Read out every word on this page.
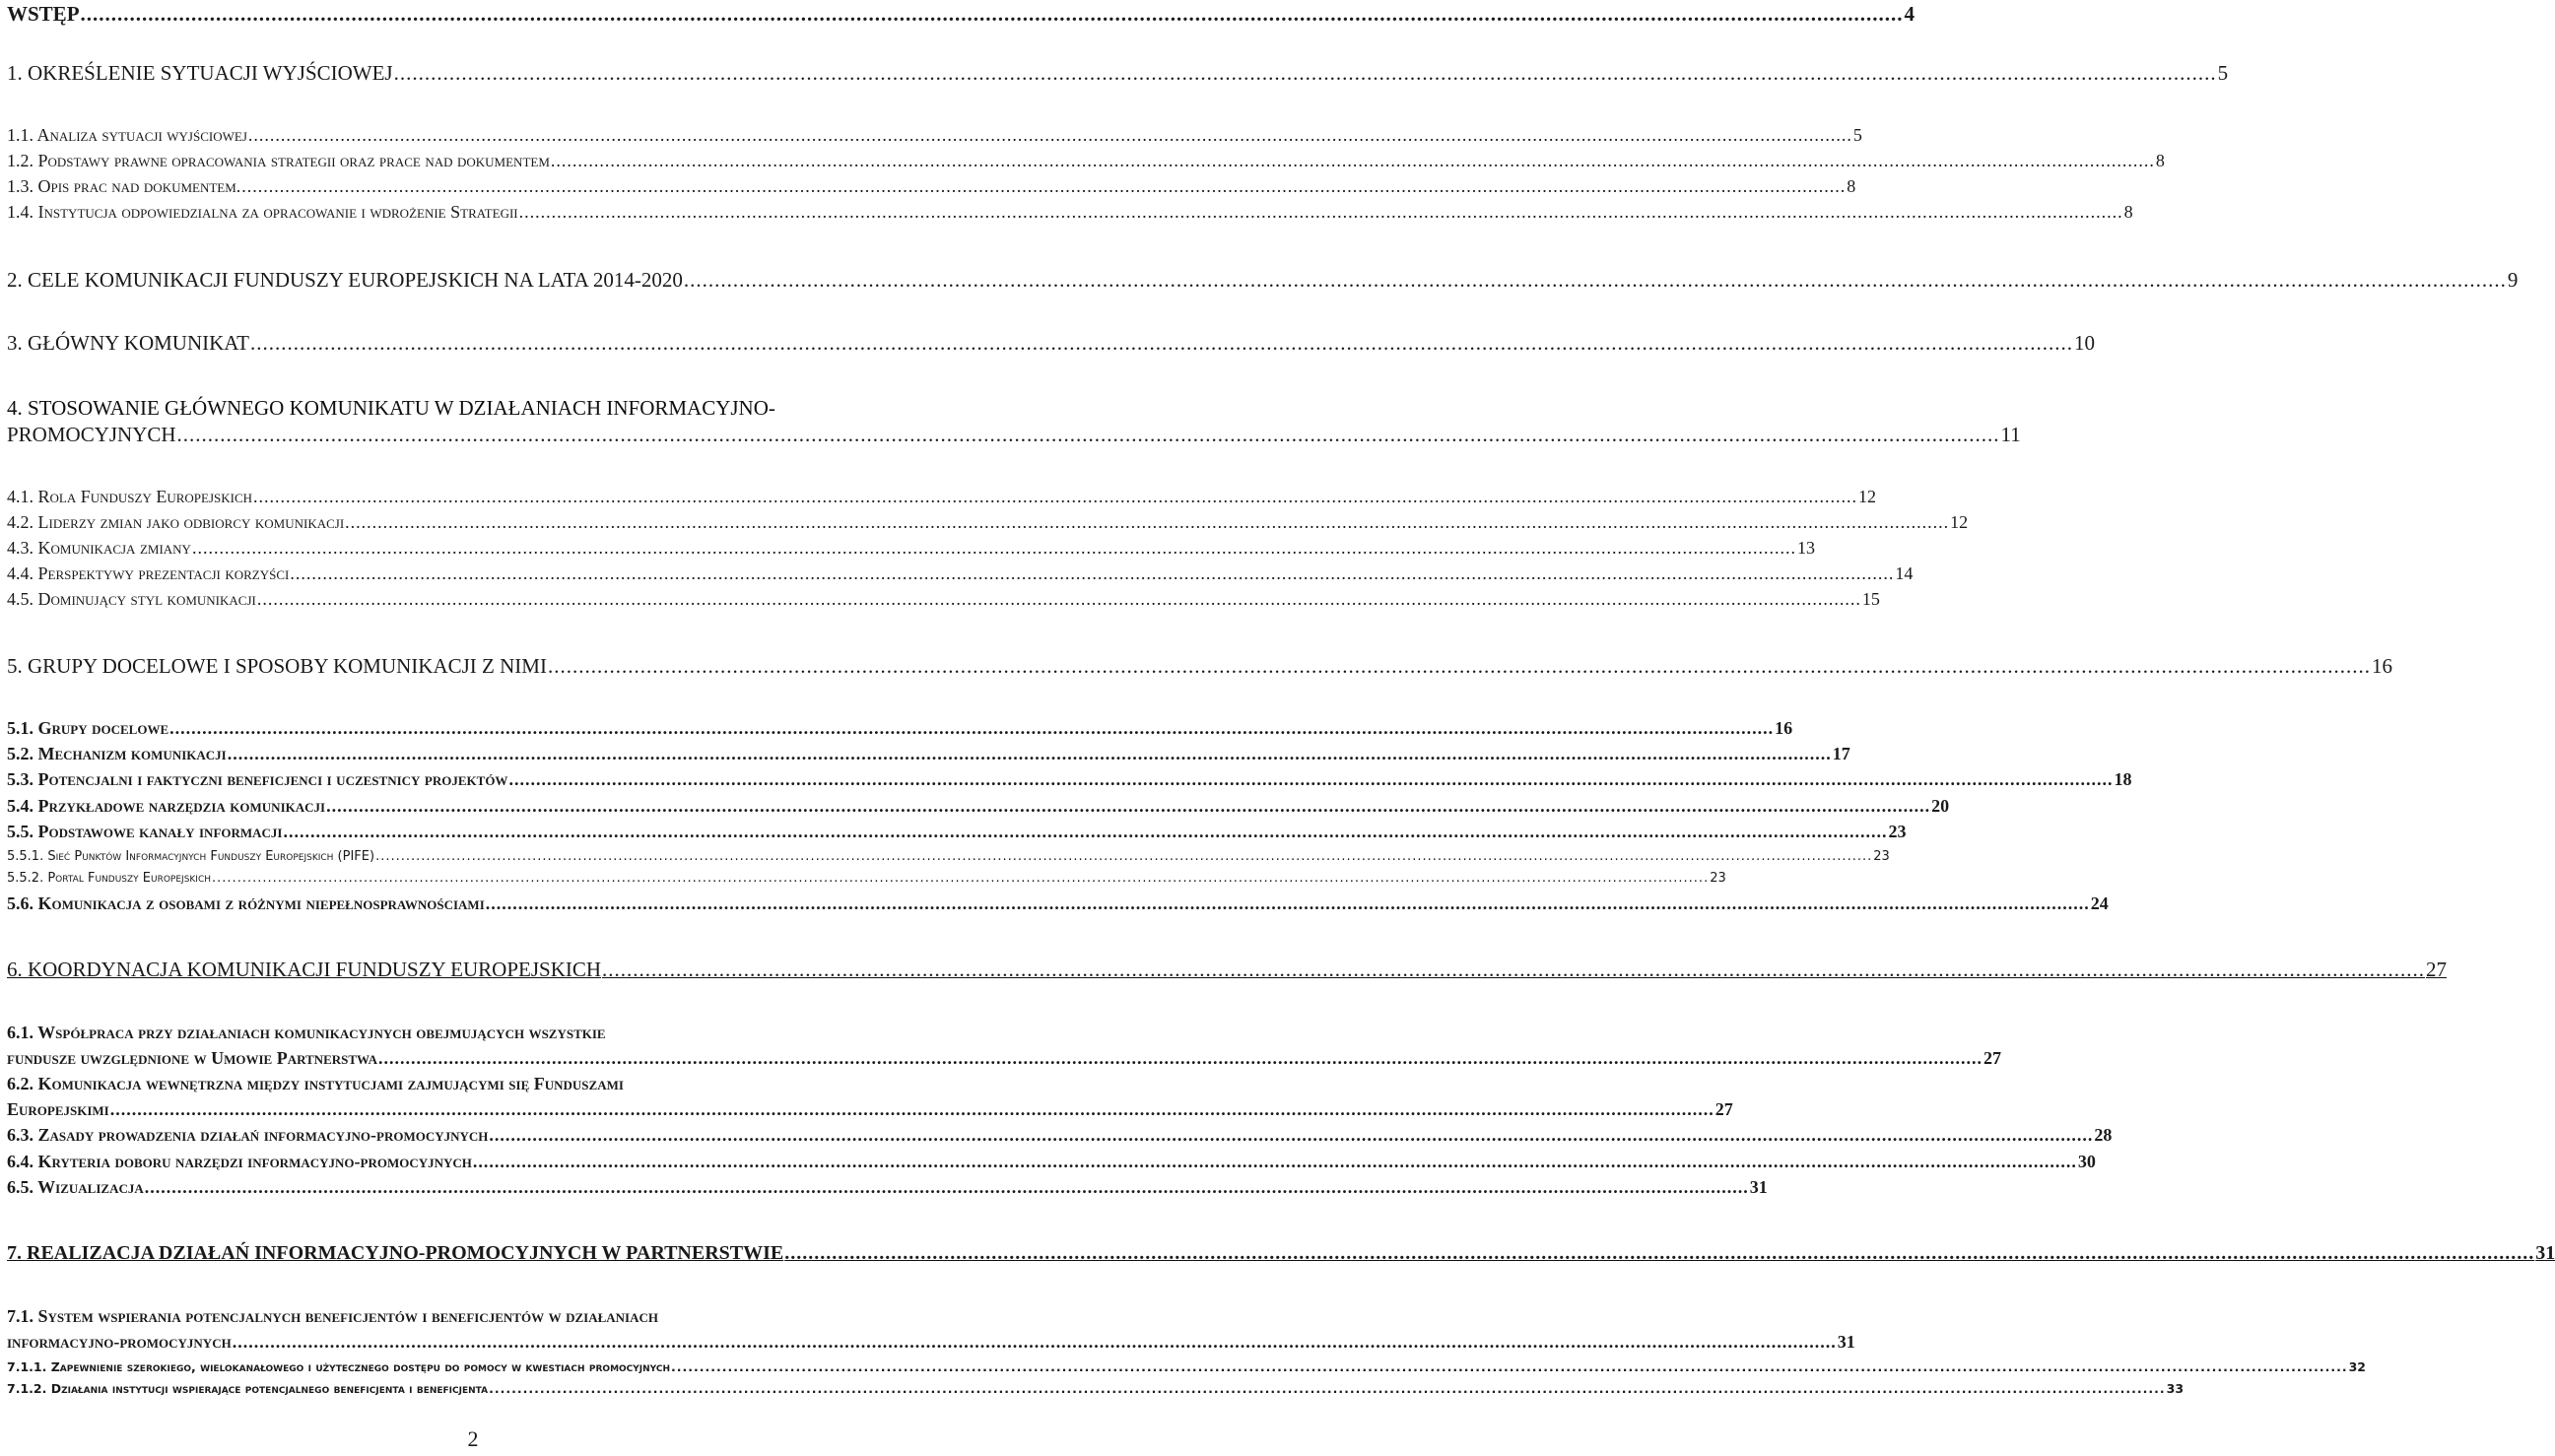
WSTĘP .....	4
1. OKREŚLENIE SYTUACJI WYJŚCIOWEJ .....	5
1.1. Analiza sytuacji wyjściowej .....	5
1.2. Podstawy prawne opracowania strategii oraz prace nad dokumentem .....	8
1.3. Opis prac nad dokumentem. .....	8
1.4. Instytucja odpowiedzialna za opracowanie i wdrożenie Strategii .....	8
2. CELE KOMUNIKACJI FUNDUSZY EUROPEJSKICH NA LATA 2014-2020 .....	9
3. GŁÓWNY KOMUNIKAT .....	10
4. STOSOWANIE GŁÓWNEGO KOMUNIKATU W DZIAŁANIACH INFORMACYJNO-
PROMOCYJNYCH .....	11
4.1. Rola Funduszy Europejskich .....	12
4.2. Liderzy zmian jako odbiorcy komunikacji .....	12
4.3. Komunikacja zmiany .....	13
4.4. Perspektywy prezentacji korzyści .....	14
4.5. Dominujący styl komunikacji .....	15
5. GRUPY DOCELOWE I SPOSOBY KOMUNIKACJI Z NIMI .....	16
5.1. Grupy docelowe .....	16
5.2. Mechanizm komunikacji .....	17
5.3. Potencjalni i faktyczni beneficjenci i uczestnicy projektów .....	18
5.4. Przykładowe narzędzia komunikacji .....	20
5.5. Podstawowe kanały informacji .....	23
5.5.1. Sieć Punktów Informacyjnych Funduszy Europejskich (PIFE) .....	23
5.5.2. Portal Funduszy Europejskich .....	23
5.6. Komunikacja z osobami z różnymi niepełnosprawnościami .....	24
6. KOORDYNACJA KOMUNIKACJI FUNDUSZY EUROPEJSKICH .....	27
6.1. Współpraca przy działaniach komunikacyjnych obejmujących wszystkie
fundusze uwzględnione w Umowie Partnerstwa .....	27
6.2. Komunikacja wewnętrzna między instytucjami zajmującymi się Funduszami
Europejskimi .....	27
6.3. Zasady prowadzenia działań informacyjno-promocyjnych .....	28
6.4. Kryteria doboru narzędzi informacyjno-promocyjnych .....	30
6.5. Wizualizacja .....	31
7. REALIZACJA DZIAŁAŃ INFORMACYJNO-PROMOCYJNYCH W PARTNERSTWIE .....	31
7.1. System wspierania potencjalnych beneficjentów i beneficjentów w działaniach
informacyjno-promocyjnych .....	31
7.1.1. Zapewnienie szerokiego, wielokanałowego i użytecznego dostępu do pomocy w kwestiach promocyjnych .....	32
7.1.2. Działania instytucji wspierające potencjalnego beneficjenta i beneficjenta .....	33
2
